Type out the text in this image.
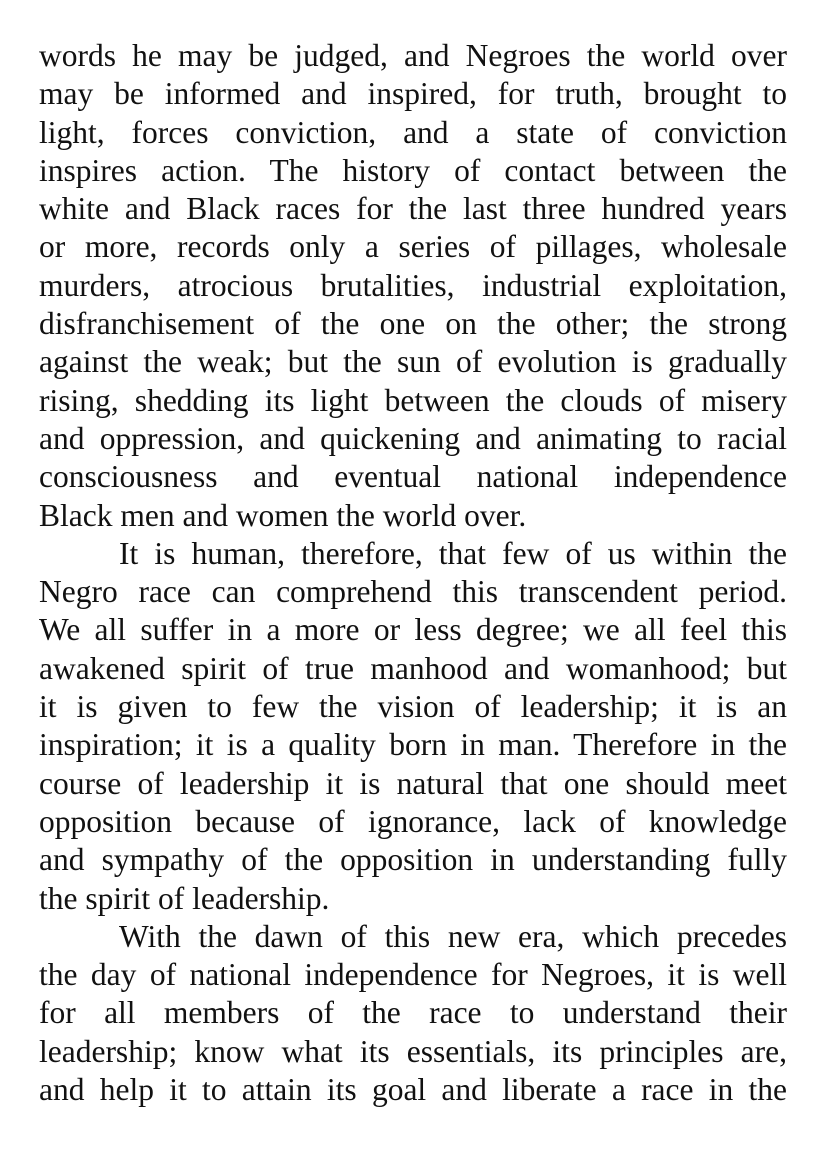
words he may be judged, and Negroes the world over
may be informed and inspired, for truth, brought to
light, forces conviction, and a state of conviction
inspires action. The history of contact between the
white and Black races for the last three hundred years
or more, records only a series of pillages, wholesale
murders, atrocious brutalities, industrial exploitation,
disfranchisement of the one on the other; the strong
against the weak; but the sun of evolution is gradually
rising, shedding its light between the clouds of misery
and oppression, and quickening and animating to racial
consciousness and eventual national independence
Black men and women the world over.

It is human, therefore, that few of us within the
Negro race can comprehend this transcendent period.
We all suffer in a more or less degree; we all feel this
awakened spirit of true manhood and womanhood; but
it is given to few the vision of leadership; it is an
inspiration; it is a quality born in man. Therefore in the
course of leadership it is natural that one should meet
opposition because of ignorance, lack of knowledge
and sympathy of the opposition in understanding fully
the spirit of leadership.

With the dawn of this new era, which precedes
the day of national independence for Negroes, it is well
for all members of the race to understand their
leadership; know what its essentials, its principles are,
and help it to attain its goal and liberate a race in the
